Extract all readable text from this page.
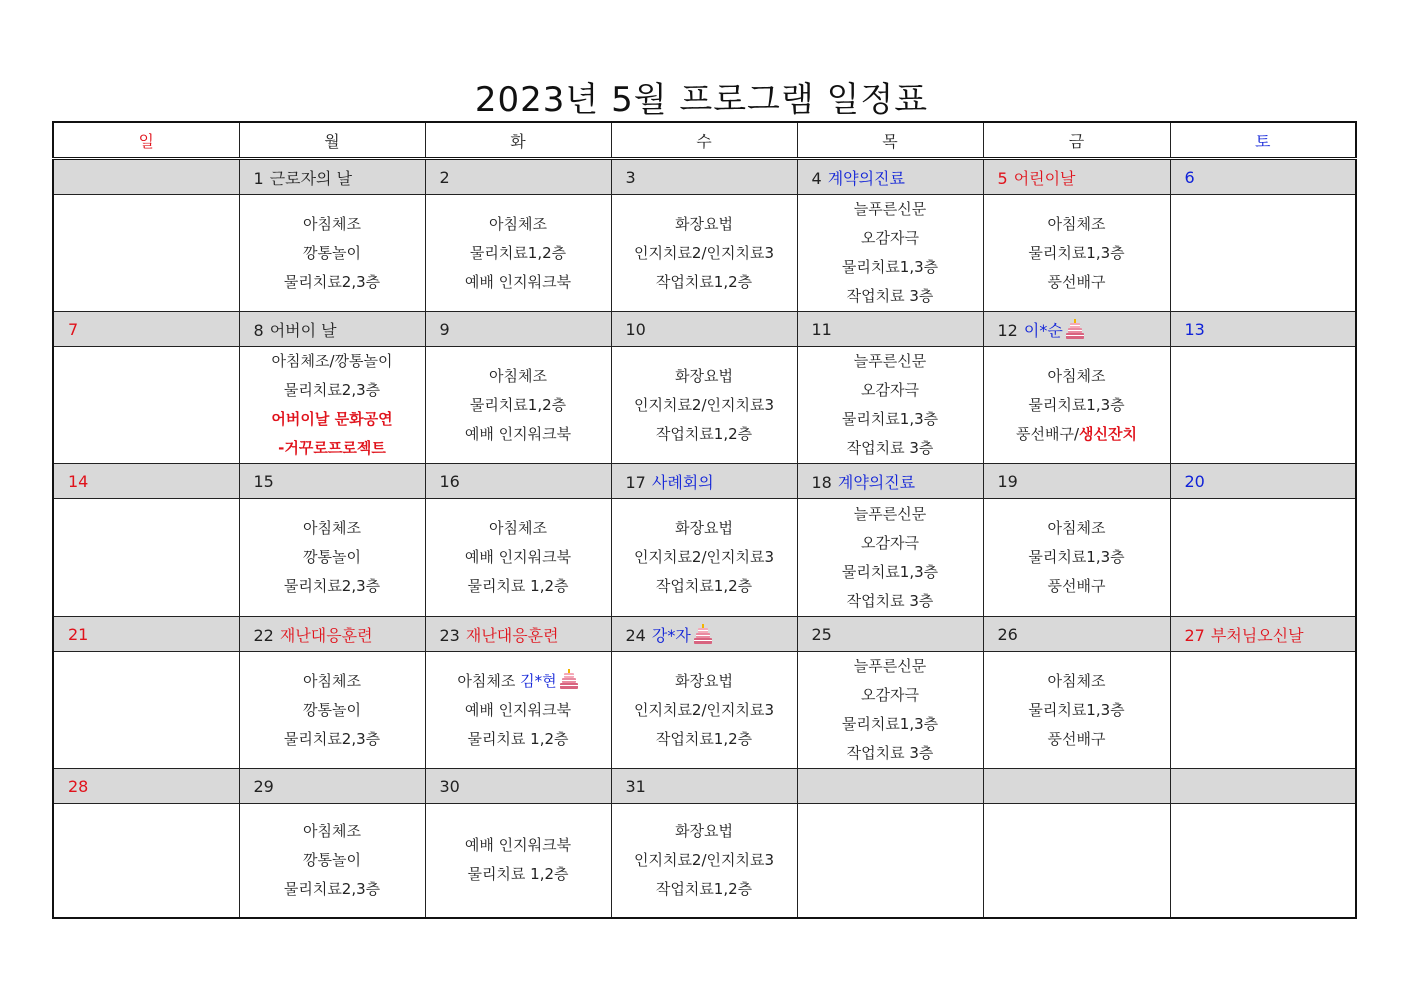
2023년 5월 프로그램 일정표
일	월	화	수	목	금	토
	1 근로자의 날	2	3	4 계약의진료	5 어린이날	6

	아침체조
깡통놀이
물리치료2,3층	아침체조
물리치료1,2층
예배 인지워크북	화장요법
인지치료2/인지치료3
작업치료1,2층	늘푸른신문
오감자극
물리치료1,3층
작업치료 3층	아침체조
물리치료1,3층
풍선배구	

7	8 어버이 날	9	10	11	12 이*순	13

	아침체조/깡통놀이
물리치료2,3층
어버이날 문화공연
-거꾸로프로젝트	아침체조
물리치료1,2층
예배 인지워크북	화장요법
인지치료2/인지치료3
작업치료1,2층	늘푸른신문
오감자극
물리치료1,3층
작업치료 3층	아침체조
물리치료1,3층
풍선배구/생신잔치	

14	15	16	17 사례회의	18 계약의진료	19	20

	아침체조
깡통놀이
물리치료2,3층	아침체조
예배 인지워크북
물리치료 1,2층	화장요법
인지치료2/인지치료3
작업치료1,2층	늘푸른신문
오감자극
물리치료1,3층
작업치료 3층	아침체조
물리치료1,3층
풍선배구	

21	22 재난대응훈련	23 재난대응훈련	24 강*자	25	26	27 부처님오신날

	아침체조
깡통놀이
물리치료2,3층	아침체조 김*현
예배 인지워크북
물리치료 1,2층	화장요법
인지치료2/인지치료3
작업치료1,2층	늘푸른신문
오감자극
물리치료1,3층
작업치료 3층	아침체조
물리치료1,3층
풍선배구	

28	29	30	31			

	아침체조
깡통놀이
물리치료2,3층	예배 인지워크북
물리치료 1,2층	화장요법
인지치료2/인지치료3
작업치료1,2층			
